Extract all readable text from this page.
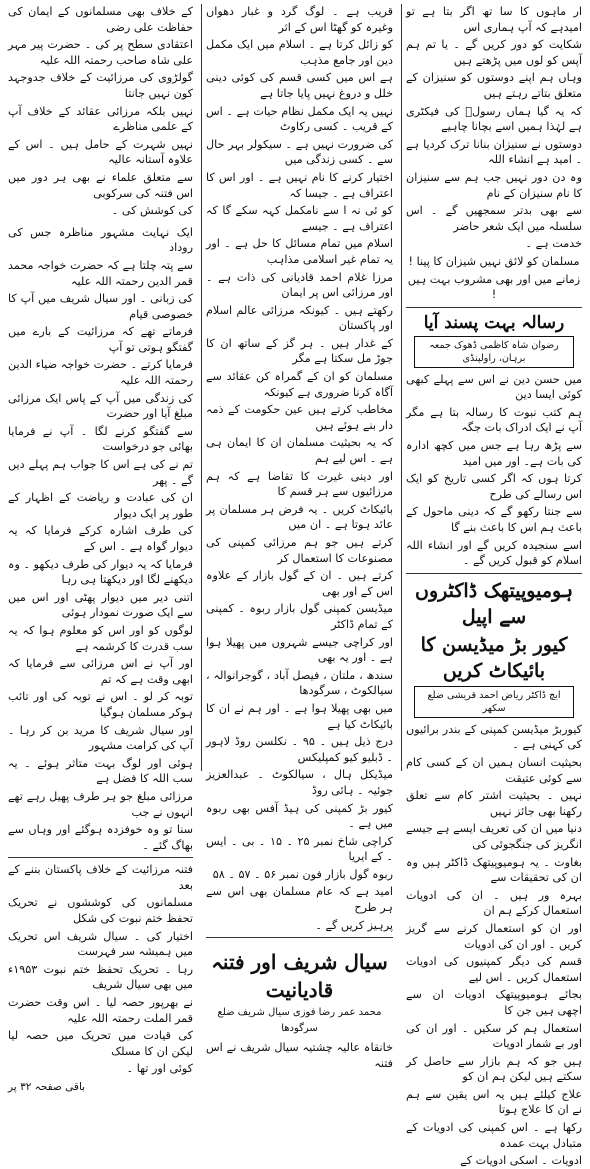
ار ماہوں کا سا تھ اگر بتا ہے تو امیدہے کہ آپ ہماری اس

شکایت کو دور کریں گے ۔ یا تم ہم آپس کو لوں میں پڑھتے ہیں

وہاں ہم اپنے دوستوں کو سنیزان کے متعلق بتاتے رہتے ہیں

کہ یہ گیا ہماں رسولؐ کی فیکٹری ہے لہٰذا ہمیں اسے بچانا چاہیے

دوستوں نے سنیزان بنانا ترک کردیا ہے ۔ امید ہے انشاء اللہ

وہ دن دور نہیں جب ہم سے سنیزان کا نام سنیزان کے نام

سے بھی بدتر سمجھیں گے ۔ اس سلسلہ میں ایک شعر حاضر

خدمت ہے ۔

مسلمان کو لائق نہیں شیزان کا پینا !

زمانے میں اور بھی مشروب بہت ہیں !

رسالہ بہت پسند آیا
رضوان شاہ کاظمی ڈھوک جمعہ برہان، راولپنڈی

میں حسن دین نے اس سے پہلے کبھی کوئی ایسا دین

ہم کتب نبوت کا رسالہ بتا ہے مگر آپ نے ایک ادراک بات جگہ

سے پڑھ رہا ہے جس میں کچھ ادارہ کی بات ہے۔ اور میں امید

کرتا ہوں کہ اگر کسی تاریخ کو ایک اس رسالے کی طرح

سے جنتا رکھو گے کہ دینی ماحول کے باعث ہم اس کا باعث بنے گا

اسے سنجیدہ کریں گے اور انشاء اللہ اسلام کو قبول کریں گے ۔

ہومیوپیتھک ڈاکٹروں سے اپیل
کیور بڑ میڈیسن کا بائیکاٹ کریں
ایچ ڈاکٹر ریاض احمد قریشی ضلع سکھر

کیوربڑ میڈیسن کمپنی کے بندر برائیوں کی کہنی ہے ۔

بحیثیت انسان ہمیں ان کے کسی کام سے کوئی عتیقت

نہیں ۔ بحیثیت اشتر کام سے تعلق رکھنا بھی جائز نہیں

دنیا میں ان کی تعریف ایسے ہے جیسے انگریز کی جنگجوئی کی

بغاوت ۔ یہ ہومیوپیتھک ڈاکٹر ہیں وہ ان کی تحقیقات سے

بہرہ ور ہیں ۔ ان کی ادویات استعمال کرکے ہم ان

اور ان کو استعمال کرنے سے گریز کریں ۔ اور ان کی ادویات

قسم کی دیگر کمپنیوں کی ادویات استعمال کریں ۔ اس لیے

بجائے ہومیوپیتھک ادویات ان سے اچھی ہیں جن کا

استعمال ہم کر سکیں ۔ اور ان کی اور بے شمار ادویات

ہیں جو کہ ہم بازار سے حاصل کر سکتے ہیں لیکن ہم ان کو

علاج کیلئے ہیں یہ اس یقین سے ہم نے ان کا علاج ہوتا

رکھا ہے ۔ اس کمپنی کی ادویات کے متبادل بہت عمدہ

ادویات ۔ اسکی ادویات کے

قریب ہے ۔ لوگ گرد و غبار دھواں وغیرہ کو گھٹا اس کے اثر

کو زائل کرتا ہے ۔ اسلام میں ایک مکمل دین اور جامع مذہب

ہے اس میں کسی قسم کی کوئی دینی خلل و دروغ نہیں پایا جاتا ہے

نہیں یہ ایک مکمل نظام حیات ہے ۔ اس کے قریب ۔ کسی رکاوٹ

کی ضرورت نہیں ہے ۔ سیکولر بہر حال سے ۔ کسی زندگی میں

اختیار کرنے کا نام نہیں ہے ۔ اور اس کا اعتراف ہے ۔ جیسا کہ

کو ئی نہ ا سے نامکمل کہہ سکے گا کہ اعتراف ہے ۔ جیسے

اسلام میں تمام مسائل کا حل ہے ۔ اور یہ تمام غیر اسلامی مذاہب

مرزا غلام احمد قادیانی کی ذات ہے ۔ اور مرزائی اس پر ایمان

رکھتے ہیں ۔ کیونکہ مرزائی عالم اسلام اور پاکستان

کے غدار ہیں ۔ ہر گز کے ساتھ ان کا جوڑ مل سکتا ہے مگر

مسلمان کو ان کے گمراہ کن عقائد سے آگاہ کرنا ضروری ہے کیونکہ

مخاطب کرتے ہیں عین حکومت کے ذمہ دار بنے ہوئے ہیں

کہ یہ بحیثیت مسلمان ان کا ایمان ہی ہے ۔ اس لیے ہم

اور دینی غیرت کا تقاضا ہے کہ ہم مرزائیوں سے ہر قسم کا

بائیکاٹ کریں ۔ یہ فرض ہر مسلمان پر عائد ہوتا ہے ۔ ان میں

کرتے ہیں جو ہم مرزائی کمپنی کی مصنوعات کا استعمال کر

کرتے ہیں ۔ ان کے گول بازار کے علاوہ اس کے اور بھی

میڈیسن کمپنی گول بازار ربوہ ۔ کمپنی کے تمام ڈاکٹر

اور کراچی جیسے شہروں میں پھیلا ہوا ہے ۔ اور یہ بھی

سندھ ، ملتان ، فیصل آباد ، گوجرانوالہ ، سیالکوٹ ، سرگودھا

میں بھی پھیلا ہوا ہے ۔ اور ہم نے ان کا بائیکاٹ کیا ہے

درج ذیل ہیں ۔ ۹۵ ۔ نکلسن روڈ لاہور ۔ ڈبلیو کیو کمپلیکس

میڈیکل ہال ، سیالکوٹ ۔ عبدالعزیز جوئیہ ۔ ہائی روڈ

کیور بڑ کمپنی کی ہیڈ آفس بھی ربوہ میں ہے ۔

کراچی شاخ نمبر ۲۵ ۔ ۱۵ ۔ بی ۔ ایس ۔ کے ایریا

ربوہ گول بازار فون نمبر ۵۶ ۔ ۵۷ ۔ ۵۸

امید ہے کہ عام مسلمان بھی اس سے ہر طرح

پرہیز کریں گے ۔

سیال شریف اور فتنہ قادیانیت
محمد عمر رضا فوزی سیال شریف ضلع سرگودھا

خانقاہ عالیہ چشتیہ سیال شریف نے اس فتنہ

کے خلاف بھی مسلمانوں کے ایمان کی حفاظت علی رضی

اعتقادی سطح پر کی ۔ حضرت پیر مہر علی شاہ صاحب رحمتہ اللہ علیہ

گولڑوی کی مرزائیت کے خلاف جدوجہد کون نہیں جانتا

نہیں بلکہ مرزائی عقائد کے خلاف آپ کے علمی مناظرے

نہیں شہرت کے حامل ہیں ۔ اس کے علاوہ آستانہ عالیہ

سے متعلق علماء نے بھی ہر دور میں اس فتنہ کی سرکوبی

کی کوشش کی ۔

ایک نہایت مشہور مناظرہ جس کی روداد

سے پتہ چلتا ہے کہ حضرت خواجہ محمد قمر الدین رحمتہ اللہ علیہ

کی زبانی ۔ اور سیال شریف میں آپ کا خصوصی قیام

فرماتے تھے کہ مرزائیت کے بارے میں گفتگو ہوتی تو آپ

فرمایا کرتے ۔ حضرت خواجہ ضیاء الدین رحمتہ اللہ علیہ

کی زندگی میں آپ کے پاس ایک مرزائی مبلغ آیا اور حضرت

سے گفتگو کرنے لگا ۔ آپ نے فرمایا بھائی جو درخواست

تم نے کی ہے اس کا جواب ہم پہلے دیں گے ۔ پھر

ان کی عبادت و ریاضت کے اظہار کے طور پر ایک دیوار

کی طرف اشارہ کرکے فرمایا کہ یہ دیوار گواہ ہے ۔ اس کے

فرمایا کہ یہ دیوار کی طرف دیکھو ۔ وہ دیکھنے لگا اور دیکھتا ہی رہا

اتنی دیر میں دیوار پھٹی اور اس میں سے ایک صورت نمودار ہوئی

لوگوں کو اور اس کو معلوم ہوا کہ یہ سب قدرت کا کرشمہ ہے

اور آپ نے اس مرزائی سے فرمایا کہ ابھی وقت ہے کہ تم

توبہ کر لو ۔ اس نے توبہ کی اور تائب ہوکر مسلمان ہوگیا

اور سیال شریف کا مرید بن کر رہا ۔ آپ کی کرامت مشہور

ہوئی اور لوگ بہت متاثر ہوئے ۔ یہ سب اللہ کا فضل ہے

مرزائی مبلغ جو ہر طرف پھیل رہے تھے انہوں نے جب

سنا تو وہ خوفزدہ ہوگئے اور وہاں سے بھاگ گئے ۔

فتنہ مرزائیت کے خلاف پاکستان بننے کے بعد

مسلمانوں کی کوششوں نے تحریک تحفظ ختم نبوت کی شکل

اختیار کی ۔ سیال شریف اس تحریک میں ہمیشہ سر فہرست

رہا ۔ تحریک تحفظ ختم نبوت ۱۹۵۳ء میں بھی سیال شریف

نے بھرپور حصہ لیا ۔ اس وقت حضرت قمر الملت رحمتہ اللہ علیہ

کی قیادت میں تحریک میں حصہ لیا لیکن ان کا مسلک

کوئی اور تھا ۔

باقی صفحہ ۳۲ پر
